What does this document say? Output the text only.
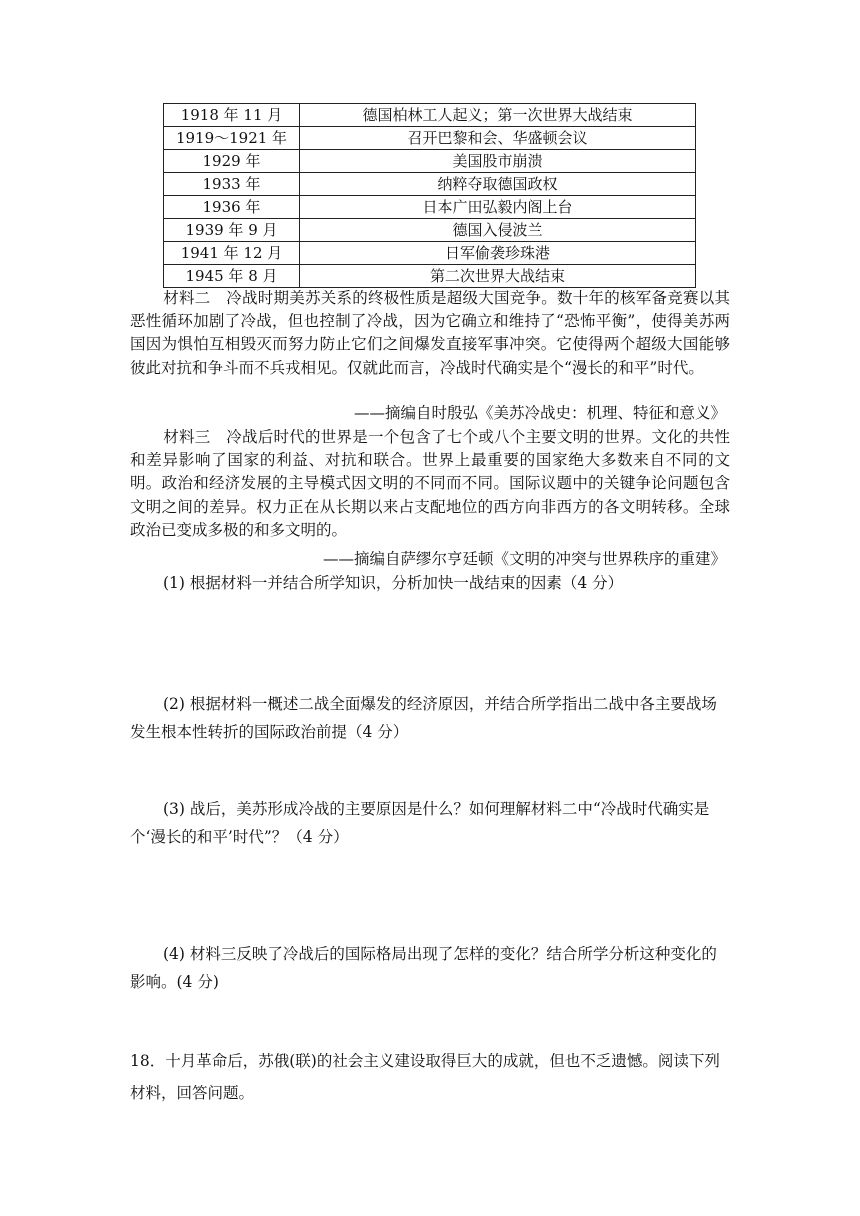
1918 年 11 月	德国柏林工人起义；第一次世界大战结束
1919～1921 年	召开巴黎和会、华盛顿会议
1929 年	美国股市崩溃
1933 年	纳粹夺取德国政权
1936 年	日本广田弘毅内阁上台
1939 年 9 月	德国入侵波兰
1941 年 12 月	日军偷袭珍珠港
1945 年 8 月	第二次世界大战结束
材料二　冷战时期美苏关系的终极性质是超级大国竞争。数十年的核军备竞赛以其恶性循环加剧了冷战，但也控制了冷战，因为它确立和维持了“恐怖平衡”，使得美苏两国因为惧怕互相毁灭而努力防止它们之间爆发直接军事冲突。它使得两个超级大国能够彼此对抗和争斗而不兵戎相见。仅就此而言，冷战时代确实是个“漫长的和平”时代。
——摘编自时殷弘《美苏冷战史：机理、特征和意义》
材料三　冷战后时代的世界是一个包含了七个或八个主要文明的世界。文化的共性和差异影响了国家的利益、对抗和联合。世界上最重要的国家绝大多数来自不同的文明。政治和经济发展的主导模式因文明的不同而不同。国际议题中的关键争论问题包含文明之间的差异。权力正在从长期以来占支配地位的西方向非西方的各文明转移。全球政治已变成多极的和多文明的。
——摘编自萨缪尔亨廷顿《文明的冲突与世界秩序的重建》
(1) 根据材料一并结合所学知识，分析加快一战结束的因素（4 分）
(2) 根据材料一概述二战全面爆发的经济原因，并结合所学指出二战中各主要战场发生根本性转折的国际政治前提（4 分）
(3) 战后，美苏形成冷战的主要原因是什么？如何理解材料二中“冷战时代确实是个‘漫长的和平’时代”？（4 分）
(4) 材料三反映了冷战后的国际格局出现了怎样的变化？结合所学分析这种变化的影响。(4 分)
18．十月革命后，苏俄(联)的社会主义建设取得巨大的成就，但也不乏遗憾。阅读下列材料，回答问题。
